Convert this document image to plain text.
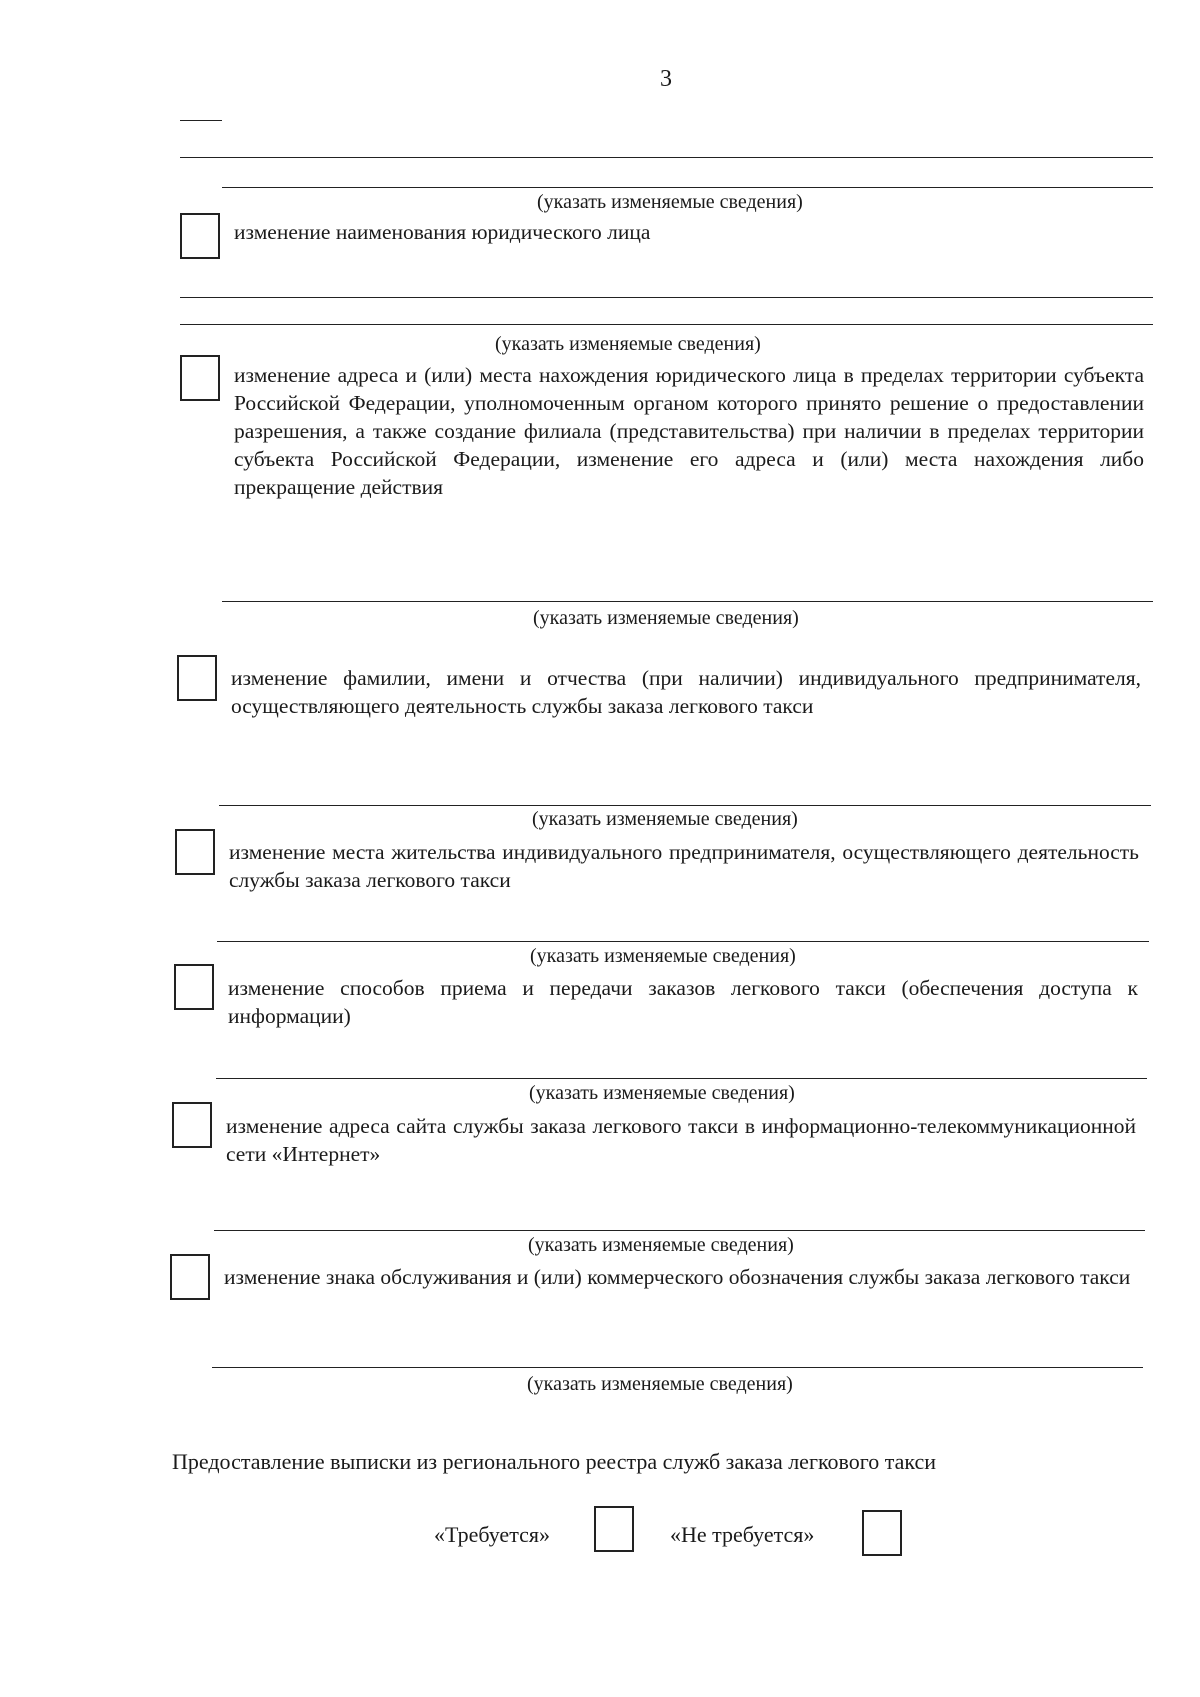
3
(указать изменяемые сведения)
изменение наименования юридического лица
(указать изменяемые сведения)
изменение адреса и (или) места нахождения юридического лица в пределах территории субъекта Российской Федерации, уполномоченным органом которого принято решение о предоставлении разрешения, а также создание филиала (представительства) при наличии в пределах территории субъекта Российской Федерации, изменение его адреса и (или) места нахождения либо прекращение действия
(указать изменяемые сведения)
изменение фамилии, имени и отчества (при наличии) индивидуального предпринимателя, осуществляющего деятельность службы заказа легкового такси
(указать изменяемые сведения)
изменение места жительства индивидуального предпринимателя, осуществляющего деятельность службы заказа легкового такси
(указать изменяемые сведения)
изменение способов приема и передачи заказов легкового такси (обеспечения доступа к информации)
(указать изменяемые сведения)
изменение адреса сайта службы заказа легкового такси в информационно-телекоммуникационной сети «Интернет»
(указать изменяемые сведения)
изменение знака обслуживания и (или) коммерческого обозначения службы заказа легкового такси
(указать изменяемые сведения)
Предоставление выписки из регионального реестра служб заказа легкового такси
«Требуется»	«Не требуется»
